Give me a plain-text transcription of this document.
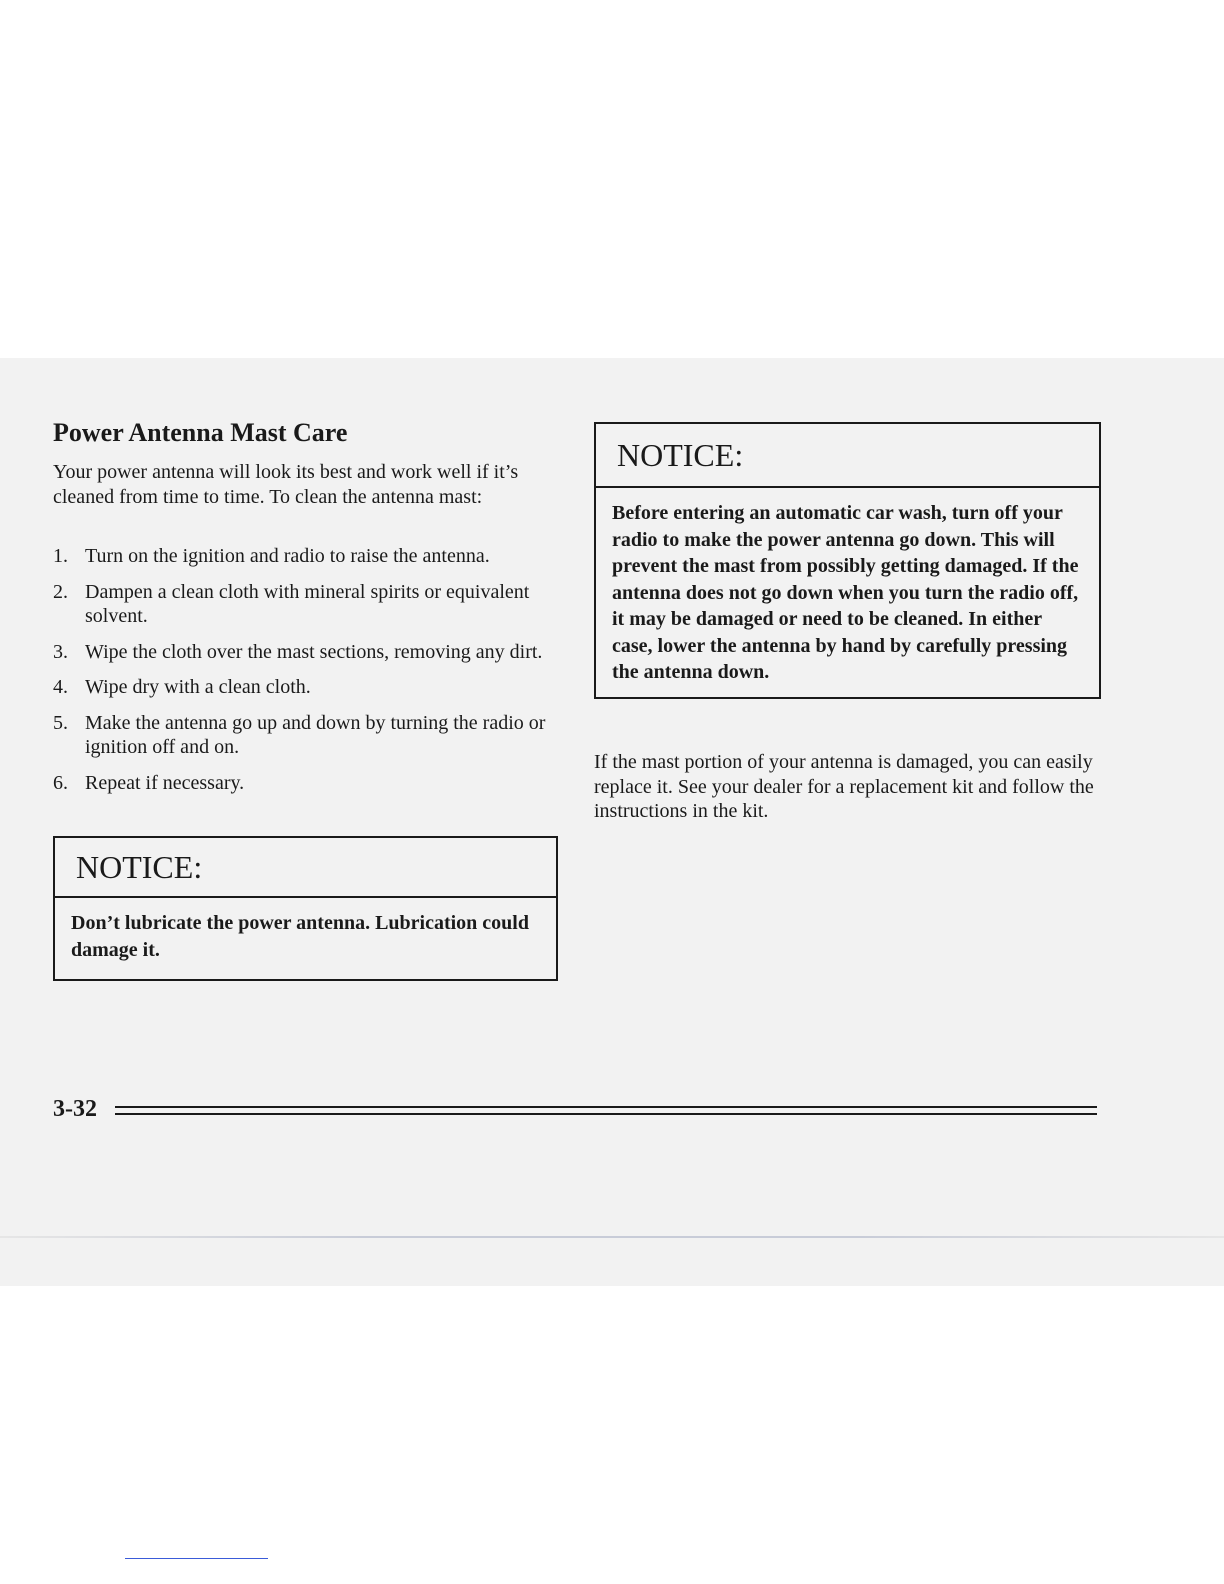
Power Antenna Mast Care

Your power antenna will look its best and work well if it’s cleaned from time to time. To clean the antenna mast:

1. Turn on the ignition and radio to raise the antenna.
2. Dampen a clean cloth with mineral spirits or equivalent solvent.
3. Wipe the cloth over the mast sections, removing any dirt.
4. Wipe dry with a clean cloth.
5. Make the antenna go up and down by turning the radio or ignition off and on.
6. Repeat if necessary.
NOTICE:
Don’t lubricate the power antenna. Lubrication could damage it.
NOTICE:
Before entering an automatic car wash, turn off your radio to make the power antenna go down. This will prevent the mast from possibly getting damaged. If the antenna does not go down when you turn the radio off, it may be damaged or need to be cleaned. In either case, lower the antenna by hand by carefully pressing the antenna down.

If the mast portion of your antenna is damaged, you can easily replace it. See your dealer for a replacement kit and follow the instructions in the kit.

3-32
